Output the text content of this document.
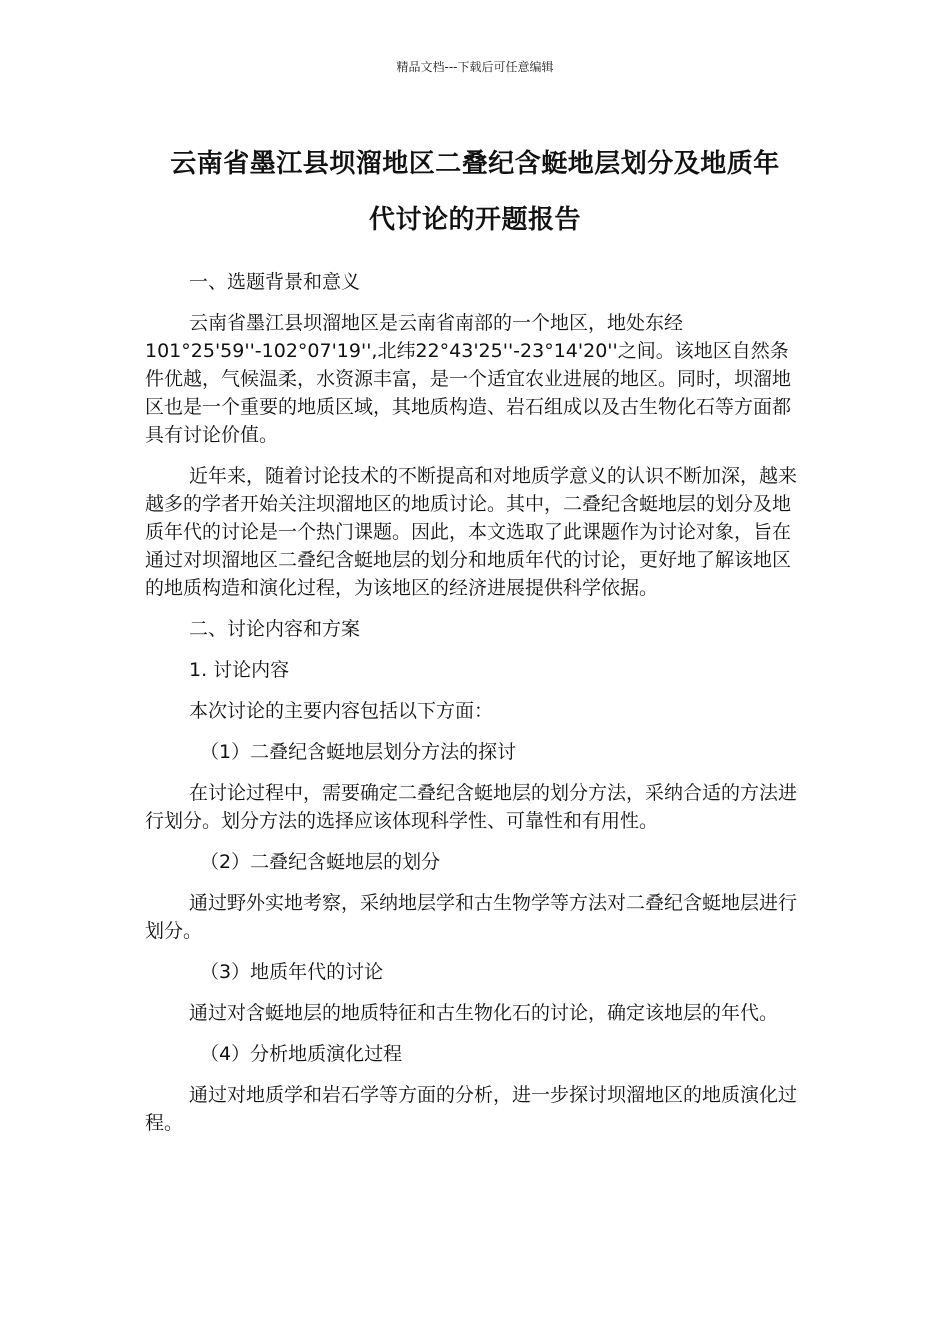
精品文档---下载后可任意编辑
云南省墨江县坝溜地区二叠纪含蜓地层划分及地质年
代讨论的开题报告

一、选题背景和意义

云南省墨江县坝溜地区是云南省南部的一个地区，地处东经101°25'59''-102°07'19'',北纬22°43'25''-23°14'20''之间。该地区自然条件优越，气候温柔，水资源丰富，是一个适宜农业进展的地区。同时，坝溜地区也是一个重要的地质区域，其地质构造、岩石组成以及古生物化石等方面都具有讨论价值。

近年来，随着讨论技术的不断提高和对地质学意义的认识不断加深，越来越多的学者开始关注坝溜地区的地质讨论。其中，二叠纪含蜓地层的划分及地质年代的讨论是一个热门课题。因此，本文选取了此课题作为讨论对象，旨在通过对坝溜地区二叠纪含蜓地层的划分和地质年代的讨论，更好地了解该地区的地质构造和演化过程，为该地区的经济进展提供科学依据。

二、讨论内容和方案

1. 讨论内容

本次讨论的主要内容包括以下方面：

（1）二叠纪含蜓地层划分方法的探讨

在讨论过程中，需要确定二叠纪含蜓地层的划分方法，采纳合适的方法进行划分。划分方法的选择应该体现科学性、可靠性和有用性。

（2）二叠纪含蜓地层的划分

通过野外实地考察，采纳地层学和古生物学等方法对二叠纪含蜓地层进行划分。

（3）地质年代的讨论

通过对含蜓地层的地质特征和古生物化石的讨论，确定该地层的年代。

（4）分析地质演化过程

通过对地质学和岩石学等方面的分析，进一步探讨坝溜地区的地质演化过程。
